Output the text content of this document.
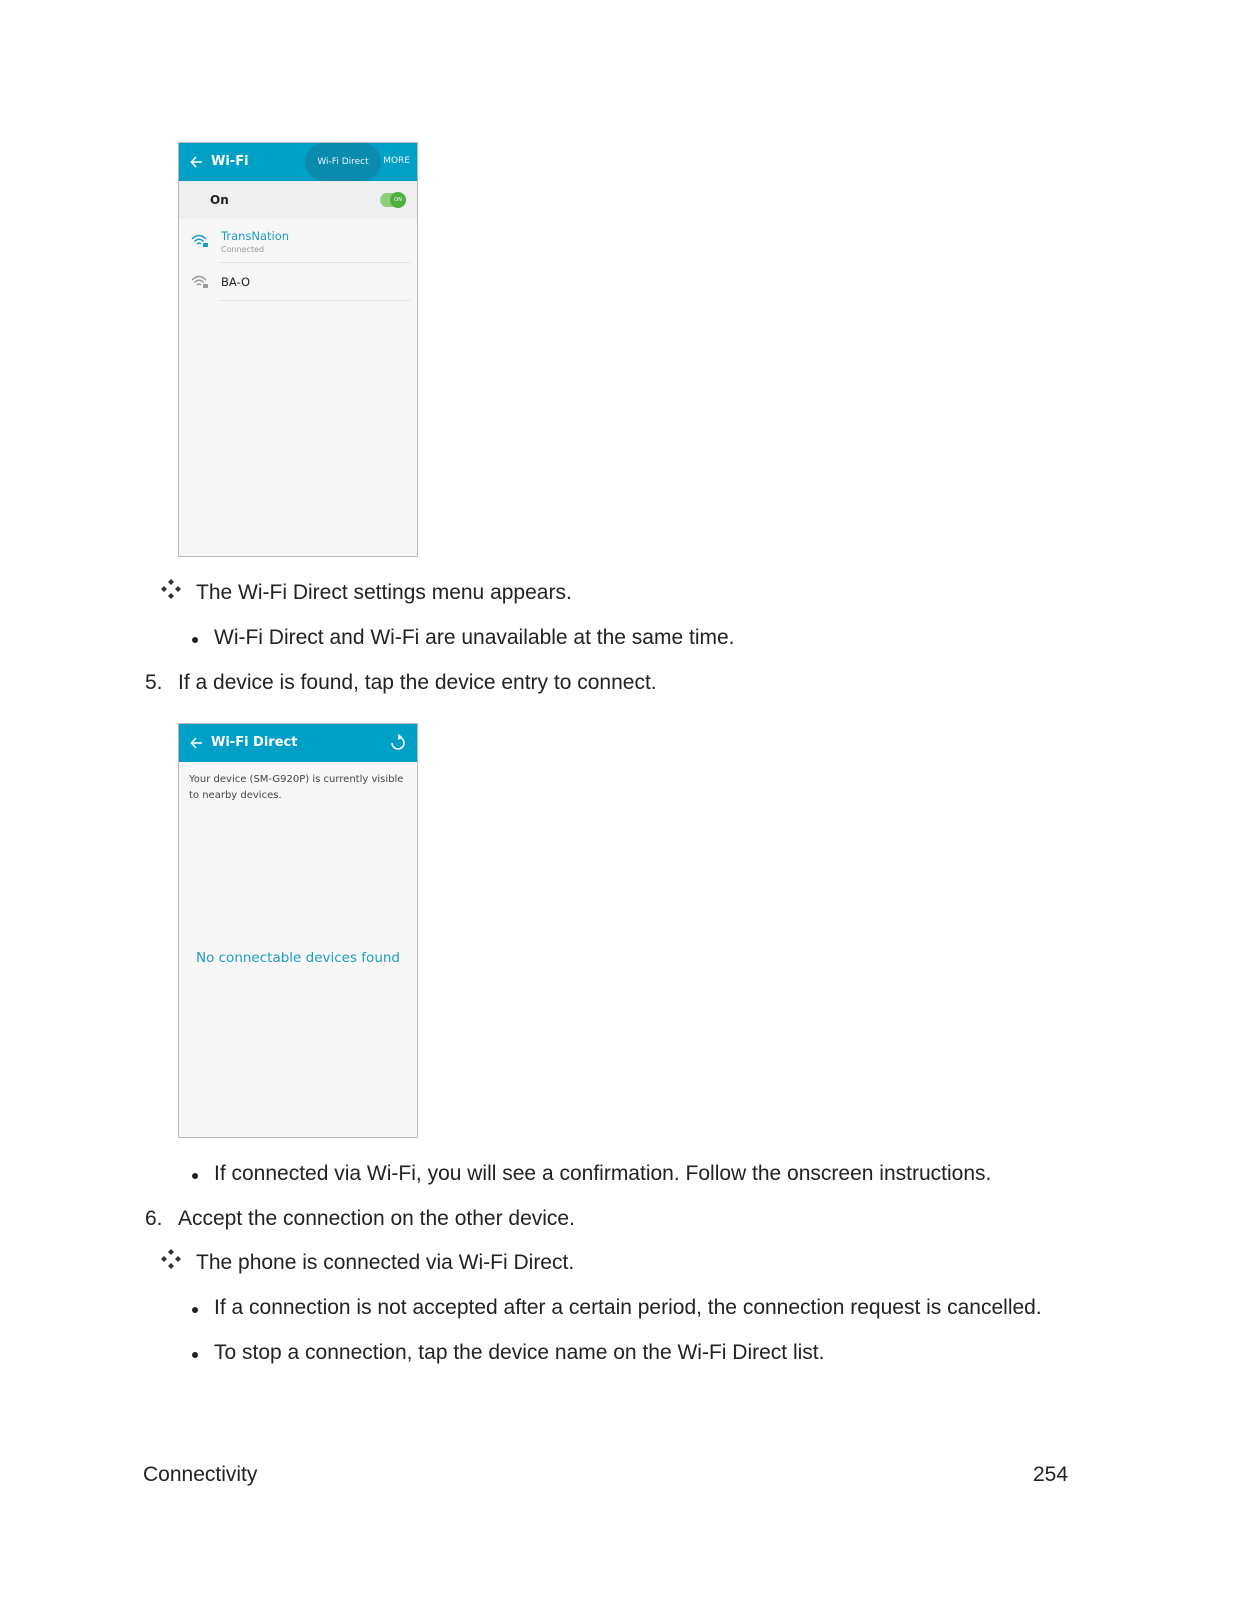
Wi-Fi	Wi-Fi Direct	MORE
On	ON
TransNation
Connected
BA-O
The Wi-Fi Direct settings menu appears.
Wi-Fi Direct and Wi-Fi are unavailable at the same time.
5. If a device is found, tap the device entry to connect.
Wi-Fi Direct
Your device (SM-G920P) is currently visible to nearby devices.
No connectable devices found
If connected via Wi-Fi, you will see a confirmation. Follow the onscreen instructions.
6. Accept the connection on the other device.
The phone is connected via Wi-Fi Direct.
If a connection is not accepted after a certain period, the connection request is cancelled.
To stop a connection, tap the device name on the Wi-Fi Direct list.
Connectivity	254
